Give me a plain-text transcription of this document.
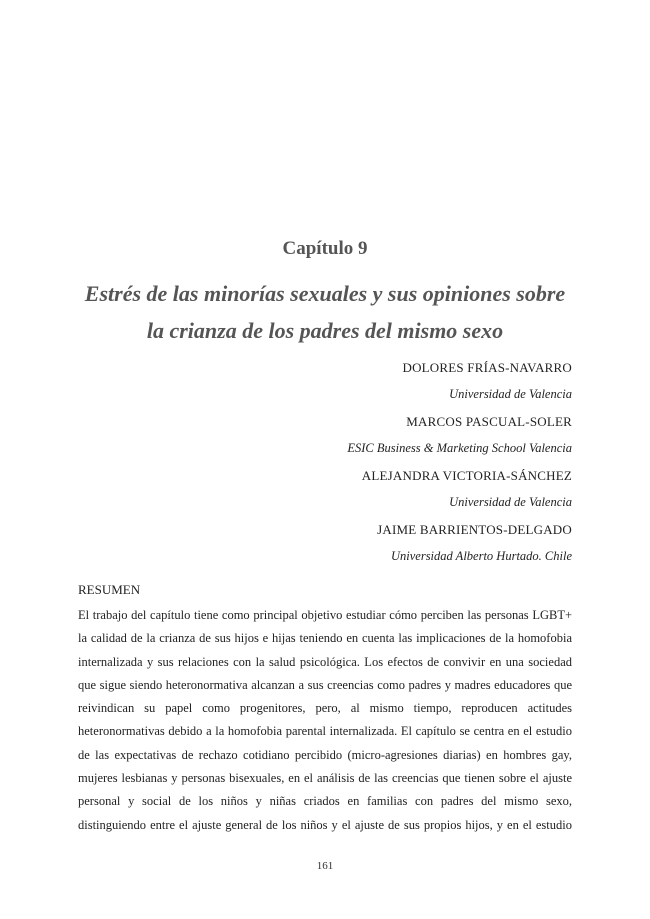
Capítulo 9
Estrés de las minorías sexuales y sus opiniones sobre
la crianza de los padres del mismo sexo
DOLORES FRÍAS-NAVARRO
Universidad de Valencia
MARCOS PASCUAL-SOLER
ESIC Business & Marketing School Valencia
ALEJANDRA VICTORIA-SÁNCHEZ
Universidad de Valencia
JAIME BARRIENTOS-DELGADO
Universidad Alberto Hurtado. Chile
RESUMEN
El trabajo del capítulo tiene como principal objetivo estudiar cómo perciben las personas LGBT+
la calidad de la crianza de sus hijos e hijas teniendo en cuenta las implicaciones de la homofobia
internalizada y sus relaciones con la salud psicológica. Los efectos de convivir en una sociedad
que sigue siendo heteronormativa alcanzan a sus creencias como padres y madres educadores que
reivindican su papel como progenitores, pero, al mismo tiempo, reproducen actitudes
heteronormativas debido a la homofobia parental internalizada. El capítulo se centra en el estudio
de las expectativas de rechazo cotidiano percibido (micro-agresiones diarias) en hombres gay,
mujeres lesbianas y personas bisexuales, en el análisis de las creencias que tienen sobre el ajuste
personal y social de los niños y niñas criados en familias con padres del mismo sexo,
distinguiendo entre el ajuste general de los niños y el ajuste de sus propios hijos, y en el estudio
161
